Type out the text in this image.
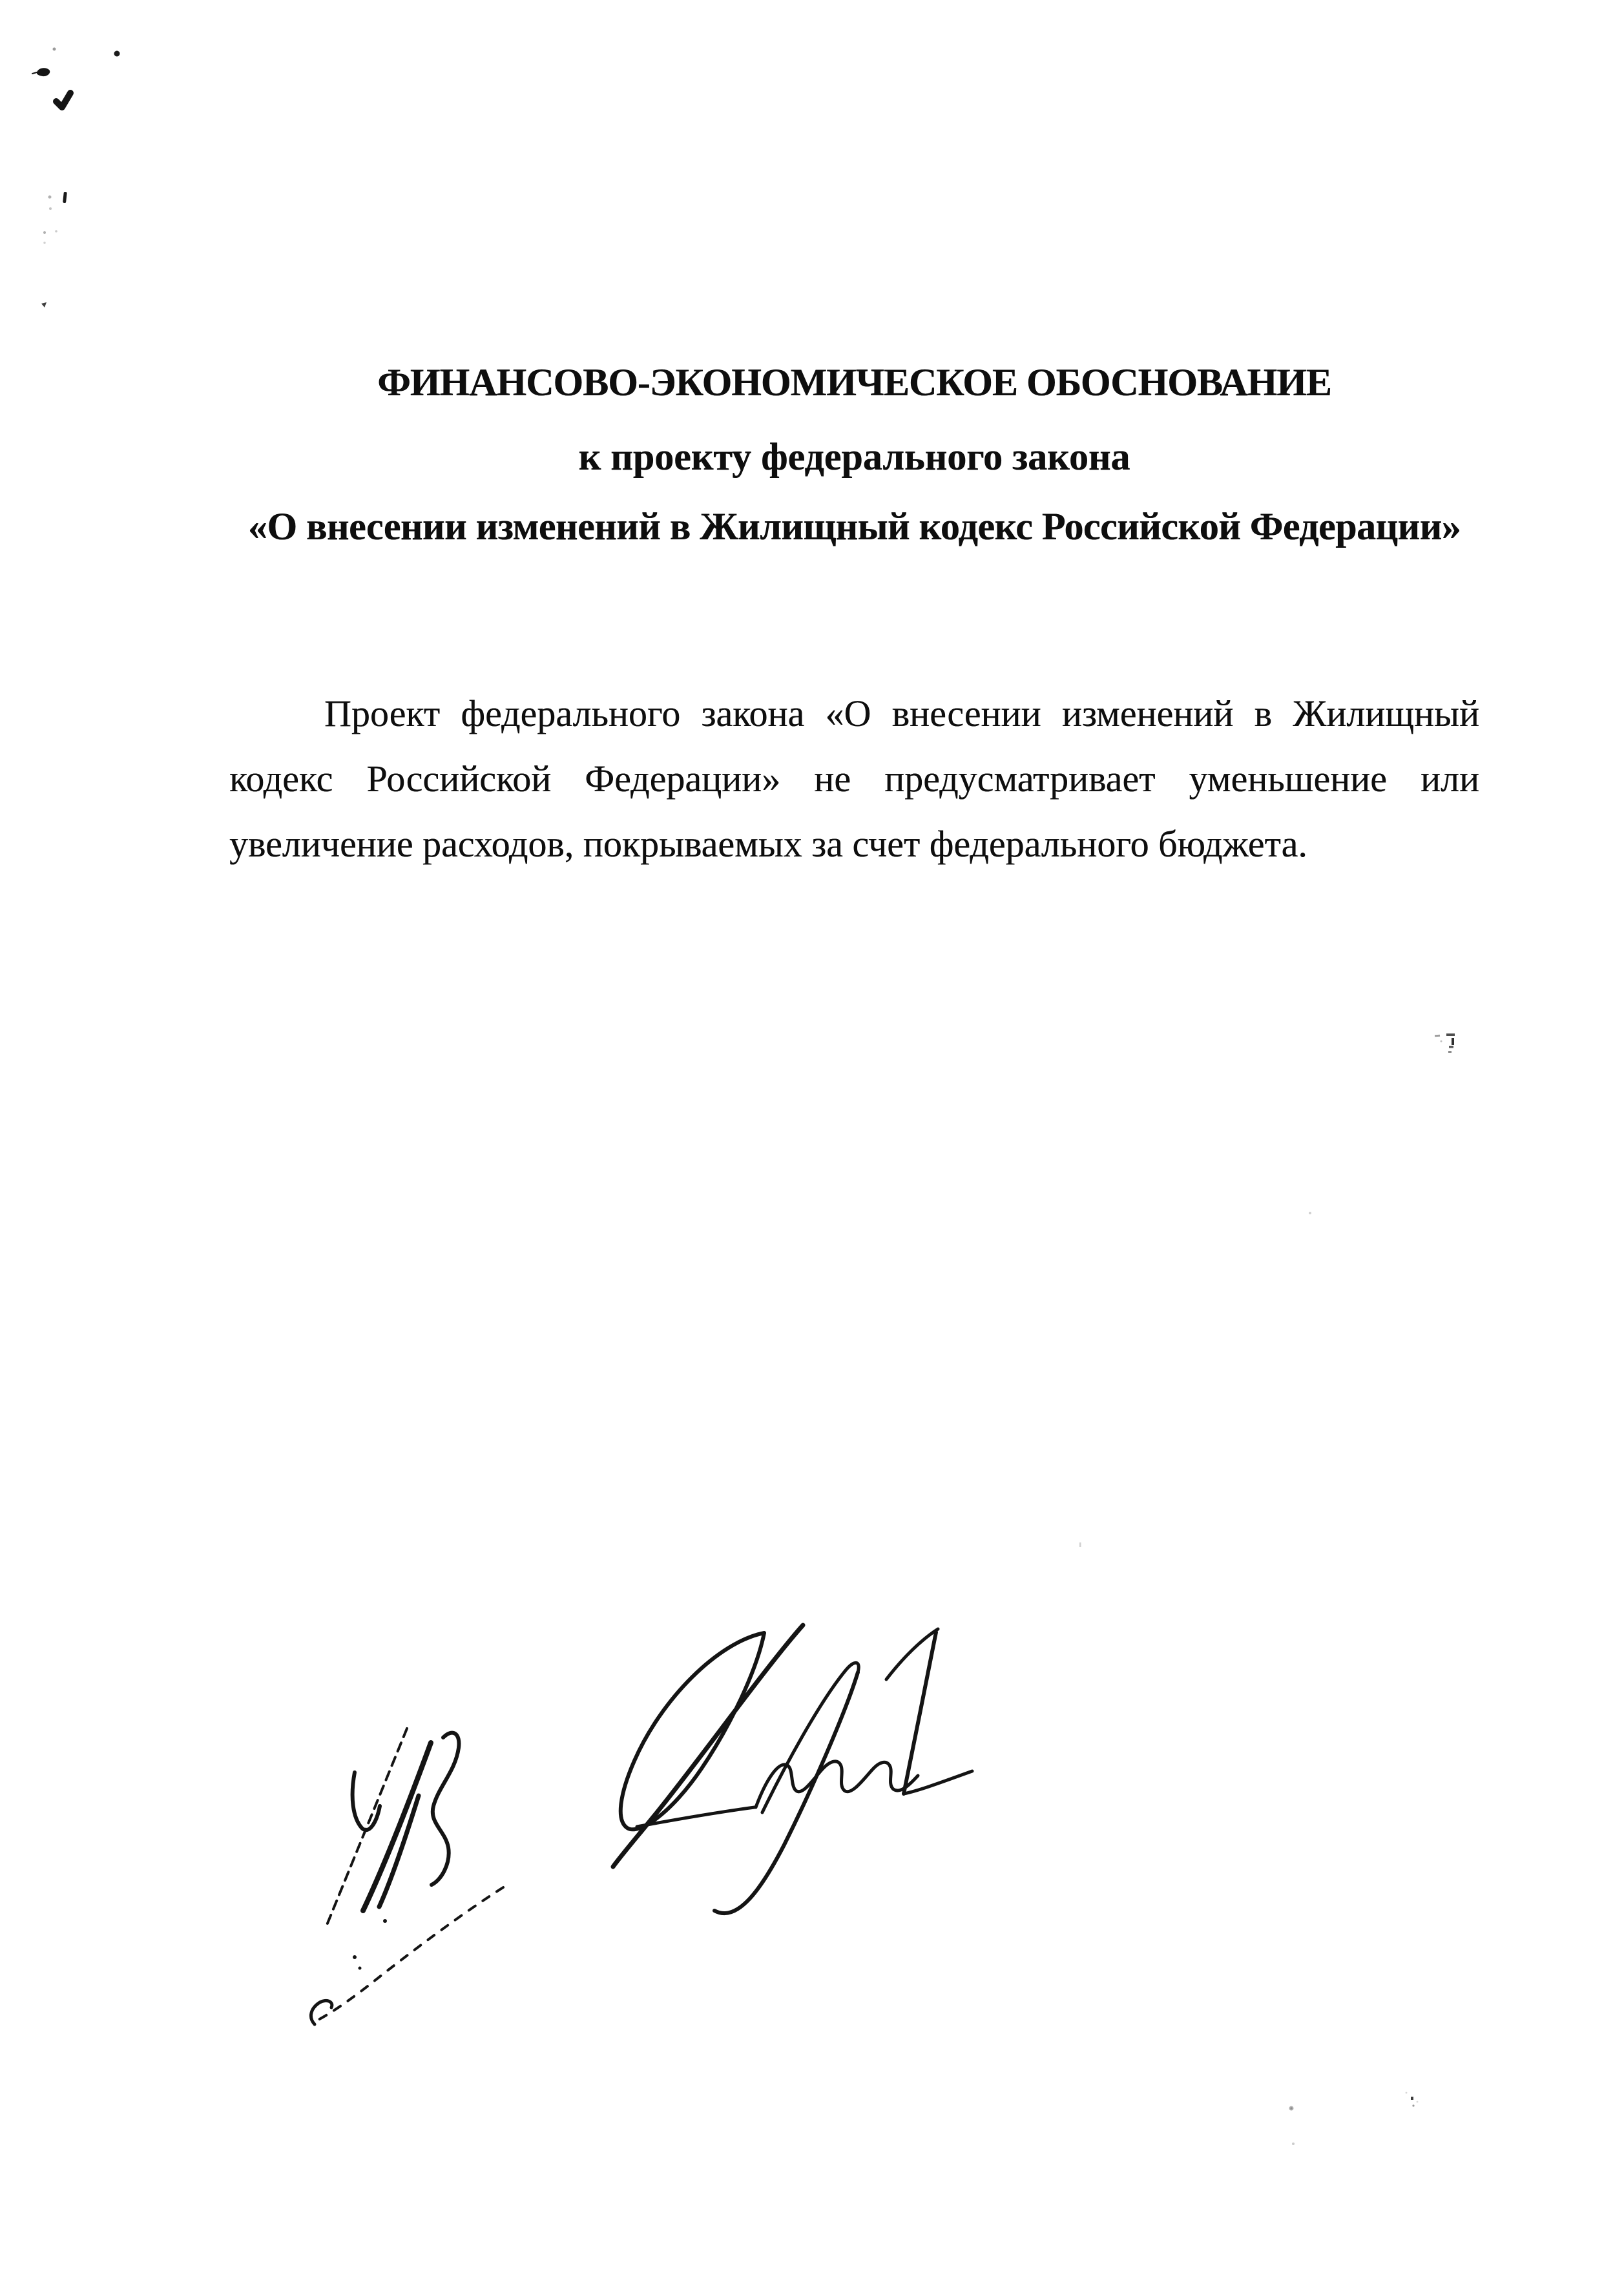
ФИНАНСОВО-ЭКОНОМИЧЕСКОЕ ОБОСНОВАНИЕ
к проекту федерального закона
«О внесении изменений в Жилищный кодекс Российской Федерации»
Проект федерального закона «О внесении изменений в Жилищный
кодекс Российской Федерации» не предусматривает уменьшение или
увеличение расходов, покрываемых за счет федерального бюджета.
